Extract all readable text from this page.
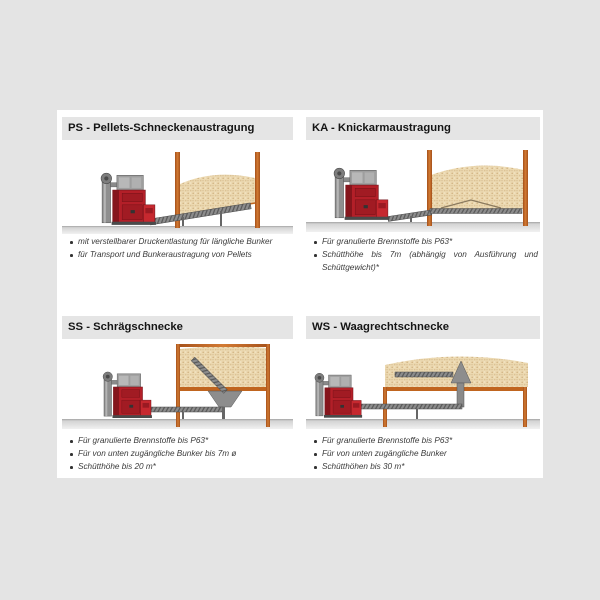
PS - Pellets-Schneckenaustragung
mit verstellbarer Druckentlastung für längliche Bunker
für Transport und Bunkeraustragung von Pellets
KA - Knickarmaustragung
Für granulierte Brennstoffe bis P63*
Schütthöhe bis 7m (abhängig von Ausführung und Schüttgewicht)*
SS - Schrägschnecke
Für granulierte Brennstoffe bis P63*
Für von unten zugängliche Bunker bis 7m ø
Schütthöhe bis 20 m*
WS - Waagrechtschnecke
Für granulierte Brennstoffe bis P63*
Für von unten zugängliche Bunker
Schütthöhen bis 30 m*
